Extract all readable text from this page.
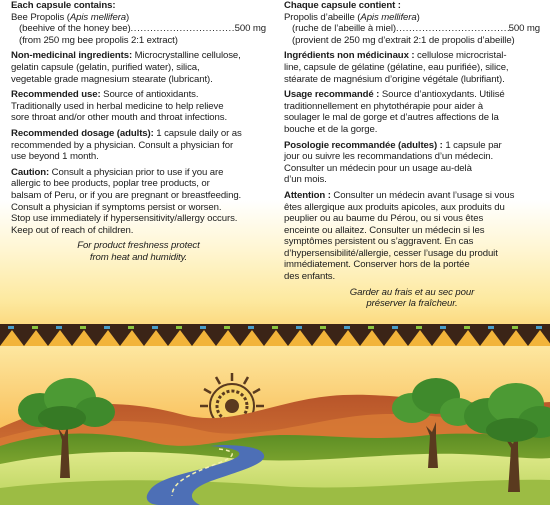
Each capsule contains:
Bee Propolis (Apis mellifera)
(beehive of the honey bee) .....	500 mg
(from 250 mg bee propolis 2:1 extract)
Non-medicinal ingredients: Microcrystalline cellulose,
gelatin capsule (gelatin, purified water), silica,
vegetable grade magnesium stearate (lubricant).
Recommended use: Source of antioxidants.
Traditionally used in herbal medicine to help relieve
sore throat and/or other mouth and throat infections.
Recommended dosage (adults): 1 capsule daily or as
recommended by a physician. Consult a physician for
use beyond 1 month.
Caution: Consult a physician prior to use if you are
allergic to bee products, poplar tree products, or
balsam of Peru, or if you are pregnant or breastfeeding.
Consult a physician if symptoms persist or worsen.
Stop use immediately if hypersensitivity/allergy occurs.
Keep out of reach of children.
For product freshness protect
from heat and humidity.
Chaque capsule contient :
Propolis d’abeille (Apis mellifera)
(ruche de l’abeille à miel) .....	500 mg
(provient de 250 mg d’extrait 2:1 de propolis d’abeille)
Ingrédients non médicinaux : cellulose microcristal-
line, capsule de gélatine (gélatine, eau purifiée), silice,
stéarate de magnésium d’origine végétale (lubrifiant).
Usage recommandé : Source d’antioxydants. Utilisé
traditionnellement en phytothérapie pour aider à
soulager le mal de gorge et d’autres affections de la
bouche et de la gorge.
Posologie recommandée (adultes) : 1 capsule par
jour ou suivre les recommandations d’un médecin.
Consulter un médecin pour un usage au-delà
d’un mois.
Attention : Consulter un médecin avant l’usage si vous
êtes allergique aux produits apicoles, aux produits du
peuplier ou au baume du Pérou, ou si vous êtes
enceinte ou allaitez. Consulter un médecin si les
symptômes persistent ou s’aggravent. En cas
d’hypersensibilité/allergie, cesser l’usage du produit
immédiatement. Conserver hors de la portée
des enfants.
Garder au frais et au sec pour
préserver la fraîcheur.
